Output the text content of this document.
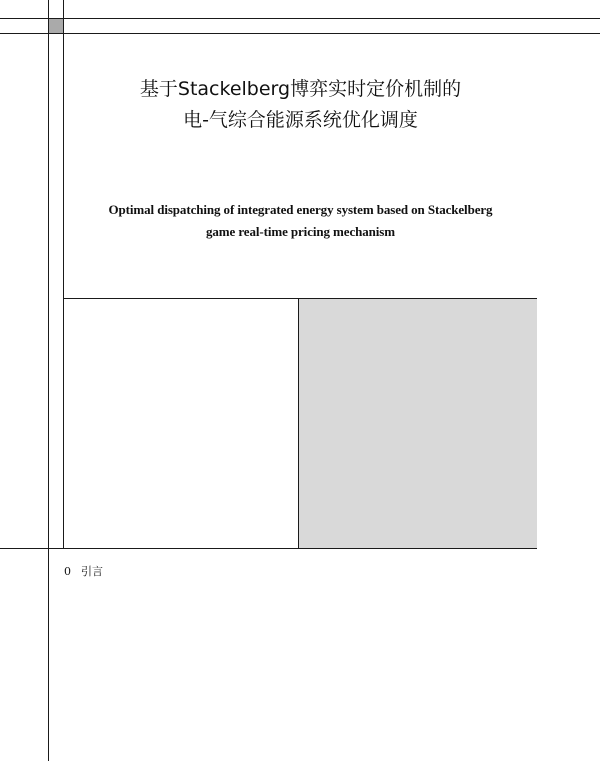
基于Stackelberg博弈实时定价机制的
电-气综合能源系统优化调度
Optimal dispatching of integrated energy system based on Stackelberg
game real-time pricing mechanism
0 引言
